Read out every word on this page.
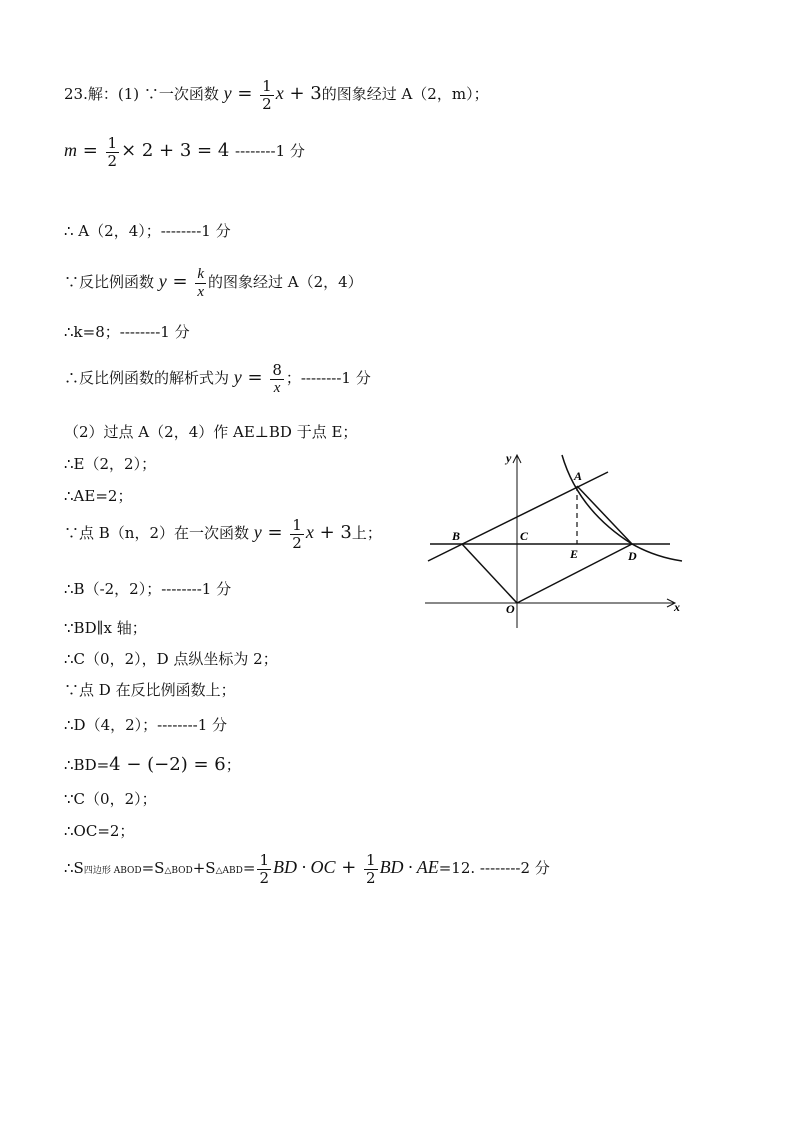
23.解：(1) ∵一次函数 $y = \frac{1}{2}$ x + 3的图象经过 A（2，m）；
$m = \frac{1}{2} \times 2 + 3 = 4$ --------1 分
∴ A（2，4）；--------1 分
∵反比例函数 $y = \frac{k}{x}$ 的图象经过 A（2，4）
∴k=8；--------1 分
∴反比例函数的解析式为 $y = \frac{8}{x}$ ；--------1 分
（2）过点 A（2，4）作 AE⊥BD 于点 E；
∴E（2，2）；
∴AE=2；
∵点 B（n，2）在一次函数 $y = \frac{1}{2}$ x + 3上；
∴B（-2，2）；--------1 分
∵BD∥x 轴；
∴C（0，2），D 点纵坐标为 2；
∵点 D 在反比例函数上；
∴D（4，2）；--------1 分
∴BD=4 − (−2) = 6；
∵C（0，2）；
∴OC=2；
∴S四边形 ABOD=S△BOD+S△ABD= $\frac{1}{2}$ BD · OC + $\frac{1}{2}$ BD · AE=12. --------2 分
y
x
A
B	C
E	D
O
